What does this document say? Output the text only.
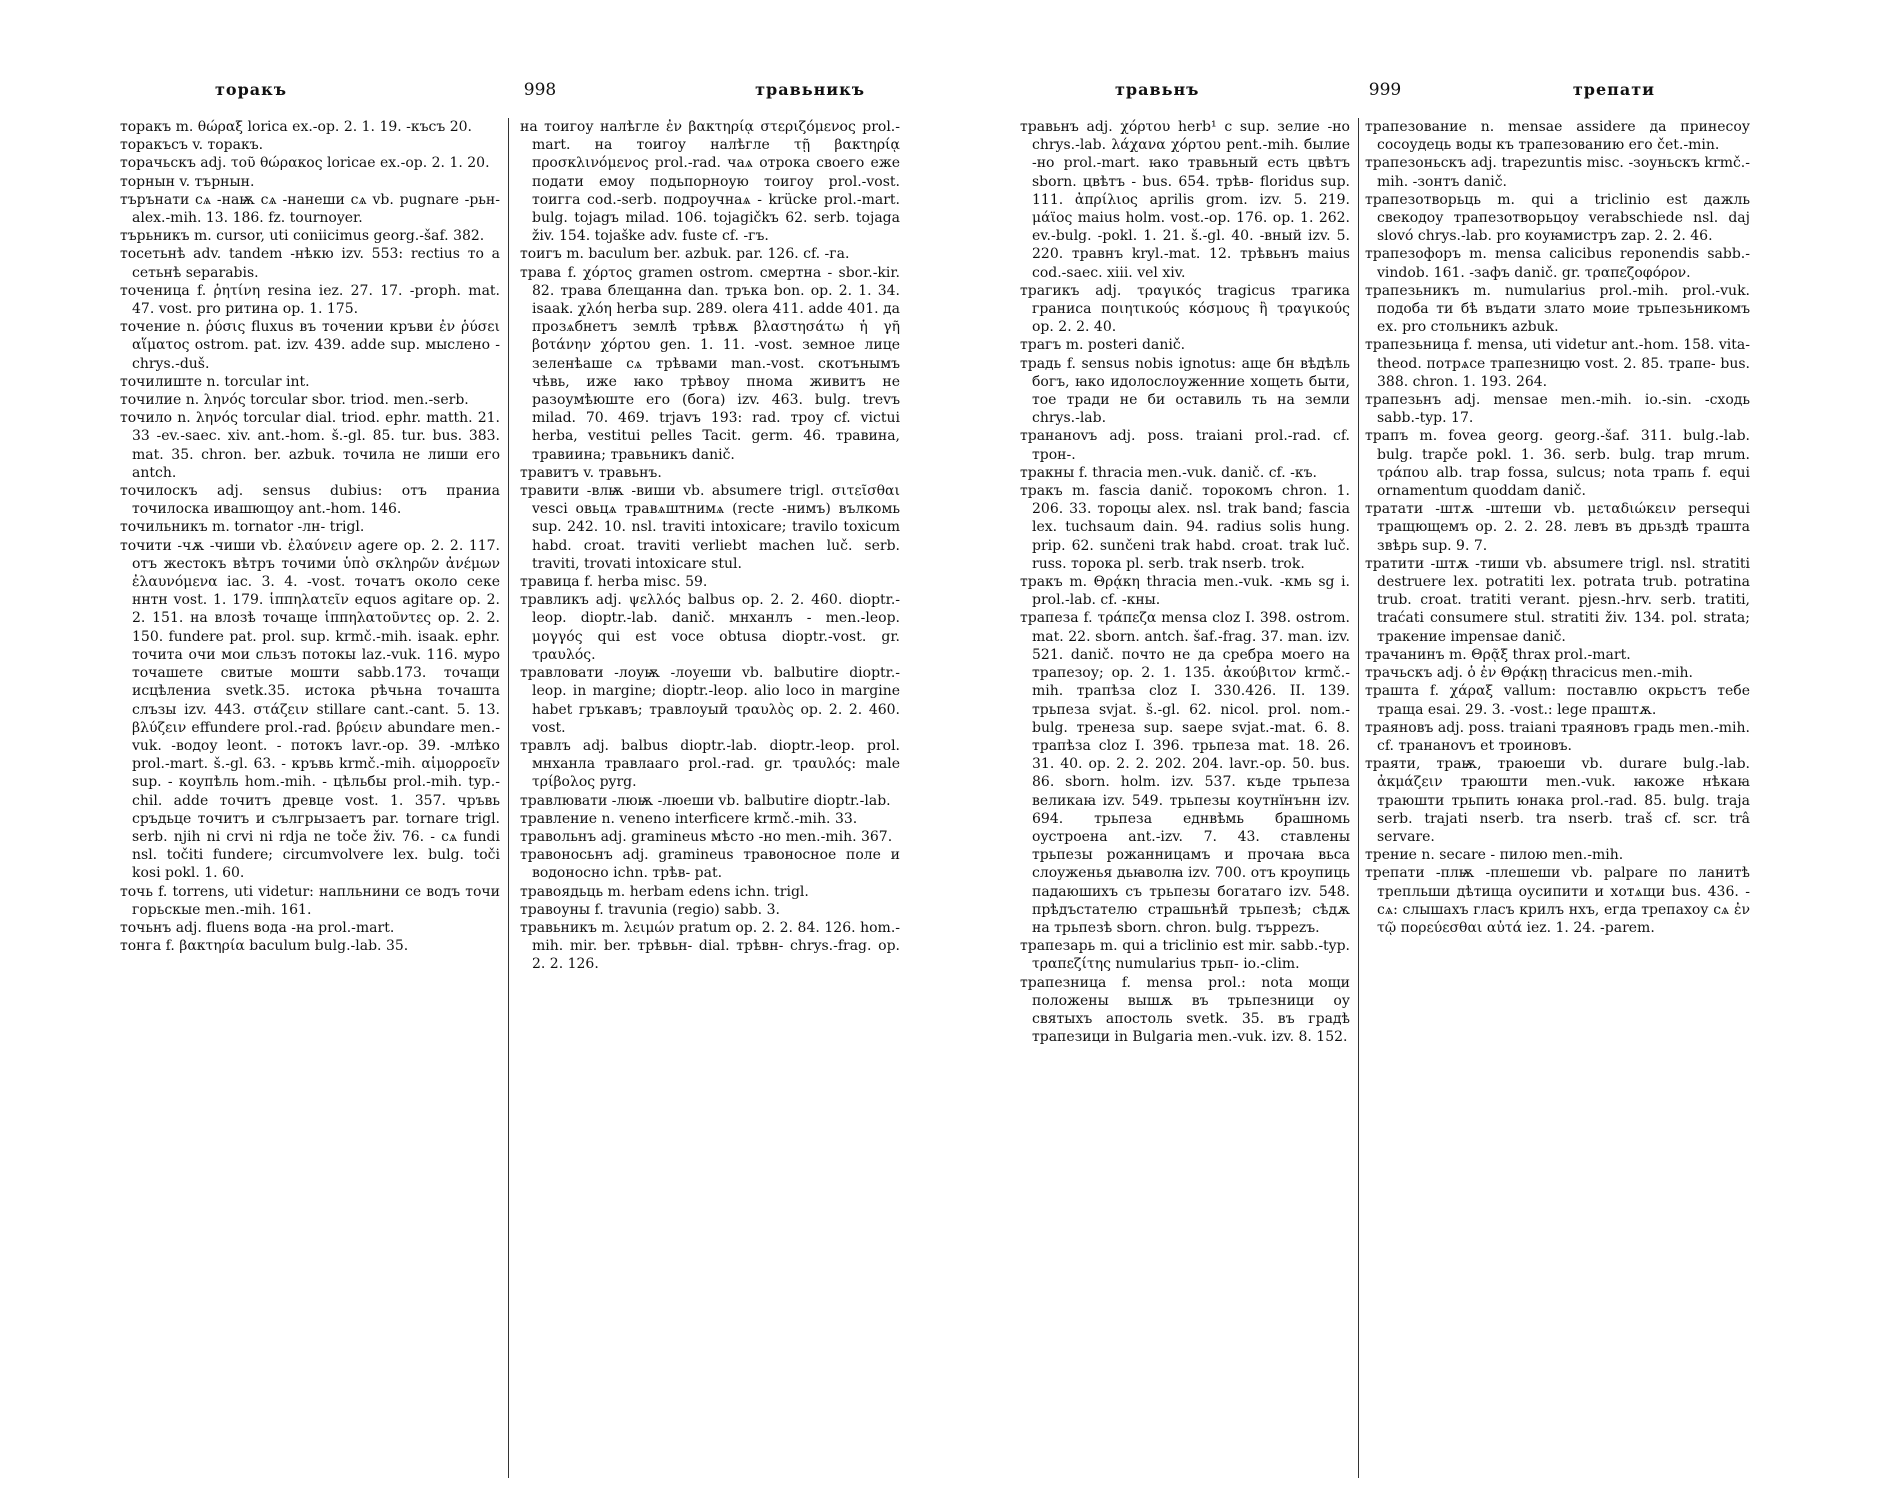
торакъ	998	травьникъ

торакъ m. θώραξ lorica ex.-op. 2. 1. 19. -късъ 20.

торакъсъ v. торакъ.

торачьскъ adj. τοῦ θώρακος loricae ex.-op. 2. 1. 20.

торнын v. търнын.

търънати сѧ -наѭ сѧ -нанеши сѧ vb. pugnare -рьн- alex.-mih. 13. 186. fz. tournoyer.

търьникъ m. cursor, uti coniicimus georg.-šaf. 382.

тосетьнѣ adv. tandem -нѣкю izv. 553: rectius то а сетьнѣ separabis.

точеница f. ῥητίνη resina iez. 27. 17. -proph. mat. 47. vost. pro ритина op. 1. 175.

точение n. ῥύσις fluxus въ точении кръви ἐν ῥύσει αἵματος ostrom. pat. izv. 439. adde sup. мыслено - chrys.-duš.

точилиште n. torcular int.

точилие n. ληνός torcular sbor. triod. men.-serb.

точило n. ληνός torcular dial. triod. ephr. matth. 21. 33 -ev.-saec. xiv. ant.-hom. š.-gl. 85. tur. bus. 383. mat. 35. chron. ber. azbuk. точила не лиши его antch.

точилоскъ adj. sensus dubius: отъ праниа точилоска ивашющоу ant.-hom. 146.

точильникъ m. tornator -лн- trigl.

точити -чѫ -чиши vb. ἐλαύνειν agere op. 2. 2. 117. отъ жестокъ вѣтръ точими ὑπὸ σκληρῶν ἀνέμων ἐλαυνόμενα iac. 3. 4. -vost. точатъ около секе ннтн vost. 1. 179. ἱππηλατεῖν equos agitare op. 2. 2. 151. на влозѣ точаще ἱππηλατοῦντες op. 2. 2. 150. fundere pat. prol. sup. krmč.-mih. isaak. ephr. точита очи мои сльзъ потокы laz.-vuk. 116. муро точашете свитые мошти sabb.173. точащи исцѣлениа svetk.35. истока рѣчьна точашта слъзы izv. 443. στάζειν stillare cant.-cant. 5. 13. βλύζειν effundere prol.-rad. βρύειν abundare men.-vuk. -водоу leont. - потокъ lavr.-op. 39. -млѣко prol.-mart. š.-gl. 63. - кръвь krmč.-mih. αἱμορροεῖν sup. - коупѣль hom.-mih. - цѣльбы prol.-mih. typ.-chil. adde точитъ древце vost. 1. 357. чръвь сръдьце точитъ и сългрызаетъ par. tornare trigl. serb. njih ni crvi ni rdja ne toče živ. 76. - сѧ fundi nsl. točiti fundere; circumvolvere lex. bulg. toči kosi pokl. 1. 60.

точь f. torrens, uti videtur: напльнини се водъ точи горьскые men.-mih. 161.

точьнъ adj. fluens вода -на prol.-mart.

тонга f. βακτηρία baculum bulg.-lab. 35.

на тоигоу налѣгле ἐν βακτηρίᾳ στεριζόμενος prol.-mart. на тоигоу налѣгле τῇ βακτηρίᾳ προσκλινόμενος prol.-rad. чаѧ отрока своего еже подати емоу подьпорноую тоигоу prol.-vost. тоигга cod.-serb. подроучнаѧ - krücke prol.-mart. bulg. tojagъ milad. 106. tojagičkъ 62. serb. tojaga živ. 154. tojaške adv. fuste cf. -гъ.

тоигъ m. baculum ber. azbuk. par. 126. cf. -га.

трава f. χόρτος gramen ostrom. смертна - sbor.-kir. 82. трава блещанна dan. тръка bon. op. 2. 1. 34. isaak. χλόη herba sup. 289. olera 411. adde 401. да прозѧбнетъ землѣ трѣвѫ βλαστησάτω ἡ γῆ βοτάνην χόρτου gen. 1. 11. -vost. земное лице зеленѣаше сѧ трѣвами man.-vost. скотънымъ чѣвь, иже ꙗко трѣвоу пнома живитъ не разоумѣюште его (бога) izv. 463. bulg. trevъ milad. 70. 469. trjavъ 193: rad. троу cf. victui herba, vestitui pelles Tacit. germ. 46. травина, травиина; травьникъ danič.

травитъ v. травьнъ.

травити -влѭ -виши vb. absumere trigl. σιτεῖσθαι vesci овьцѧ травѧштнимѧ (recte -нимъ) вълкомь sup. 242. 10. nsl. traviti intoxicare; travilo toxicum habd. croat. traviti verliebt machen luč. serb. traviti, trovati intoxicare stul.

травица f. herba misc. 59.

травликъ adj. ψελλός balbus op. 2. 2. 460. dioptr.-leop. dioptr.-lab. danič. мнханлъ - men.-leop. μογγός qui est voce obtusa dioptr.-vost. gr. τραυλός.

травловати -лоуѭ -лоуеши vb. balbutire dioptr.-leop. in margine; dioptr.-leop. alio loco in margine habet гръкавъ; травлоуый τραυλὸς op. 2. 2. 460. vost.

травлъ adj. balbus dioptr.-lab. dioptr.-leop. prol. мнханла травлааго prol.-rad. gr. τραυλός: male τρίβολος pyrg.

травлювати -люѭ -люеши vb. balbutire dioptr.-lab.

травление n. veneno interficere krmč.-mih. 33.

травольнъ adj. gramineus мѣсто -но men.-mih. 367.

травоносьнъ adj. gramineus травоносное поле и водоносно ichn. трѣв- pat.

травоядьць m. herbam edens ichn. trigl.

травоуны f. travunia (regio) sabb. 3.

травьникъ m. λειμών pratum op. 2. 2. 84. 126. hom.-mih. mir. ber. трѣвьн- dial. трѣвн- chrys.-frag. op. 2. 2. 126.

травьнъ	999	трепати

травьнъ adj. χόρτου herb¹ c sup. зелие -но chrys.-lab. λάχανα χόρτου pent.-mih. былие -но prol.-mart. ꙗко травьный есть цвѣтъ sborn. цвѣтъ - bus. 654. трѣв- floridus sup. 111. ἀπρίλιος aprilis grom. izv. 5. 219. μάϊος maius holm. vost.-op. 176. op. 1. 262. ev.-bulg. -pokl. 1. 21. š.-gl. 40. -вный izv. 5. 220. травнъ kryl.-mat. 12. трѣвьнъ maius cod.-saec. xiii. vel xiv.

трагикъ adj. τραγικός tragicus трагика граниса ποιητικούς κόσμους ἢ τραγικούς op. 2. 2. 40.

трагъ m. posteri danič.

традь f. sensus nobis ignotus: аще бн вѣдѣль богъ, ꙗко идолослоуженние хощеть быти, тое тради не би оставиль ть на земли chrys.-lab.

трананоvъ adj. poss. traiani prol.-rad. cf. трон-.

тракны f. thracia men.-vuk. danič. cf. -къ.

тракъ m. fascia danič. торокомъ chron. 1. 206. 33. тороцы alex. nsl. trak band; fascia lex. tuchsaum dain. 94. radius solis hung. prip. 62. sunčeni trak habd. croat. trak luč. russ. торока pl. serb. trak nserb. trok.

тракъ m. Θρᾴκη thracia men.-vuk. -кмь sg i. prol.-lab. cf. -кны.

трапеза f. τράπεζα mensa cloz I. 398. ostrom. mat. 22. sborn. antch. šaf.-frag. 37. man. izv. 521. danič. почто не да сребра моего на трапезоу; op. 2. 1. 135. ἀκούβιτον krmč.-mih. трапѣза cloz I. 330.426. II. 139. трьпеза svjat. š.-gl. 62. nicol. prol. nom.-bulg. тренеза sup. saepe svjat.-mat. 6. 8. трапѣза cloz I. 396. трьпеза mat. 18. 26. 31. 40. op. 2. 2. 202. 204. lavr.-op. 50. bus. 86. sborn. holm. izv. 537. къде трьпеза великаꙗ izv. 549. трьпезы коутнїнънн izv. 694. трьпеза еднвѣмь брашномь оустроена ant.-izv. 7. 43. ставлены трьпезы рожанницамъ и прочаꙗ вьса слоуженья дьꙗволꙗ izv. 700. отъ кроупиць падаюшихъ съ трьпезы богатаго izv. 548. прѣдъстателю страшьнѣй трьпезѣ; сѣдѫ на трьпезѣ sborn. chron. bulg. търpezъ.

трапезарь m. qui a triclinio est mir. sabb.-typ. τραπεζίτης numularius трьп- io.-clim.

трапезница f. mensa prol.: nota мощи положены вышѫ въ трьпезници оу святыхъ апостоль svetk. 35. въ градѣ трапезици in Bulgaria men.-vuk. izv. 8. 152.

трапезование n. mensae assidere да принесоу сосоудець воды къ трапезованию его čet.-min.

трапезоньскъ adj. trapezuntis misc. -зоуньскъ krmč.-mih. -зонтъ danič.

трапезотворьць m. qui a triclinio est дажль свекодоу трапезотворьцоу verabschiede nsl. daj slovó chrys.-lab. pro коуꙗмистръ zap. 2. 2. 46.

трапезофоръ m. mensa calicibus reponendis sabb.-vindob. 161. -зафъ danič. gr. τραπεζοφόρον.

трапезьникъ m. numularius prol.-mih. prol.-vuk. подоба ти бѣ въдати злато моие трьпезьникомъ ex. pro стольникъ azbuk.

трапезьница f. mensa, uti videtur ant.-hom. 158. vita-theod. потрѧсе трапезницю vost. 2. 85. трапе- bus. 388. chron. 1. 193. 264.

трапезьнъ adj. mensae men.-mih. io.-sin. -сходь sabb.-typ. 17.

трапъ m. fovea georg. georg.-šaf. 311. bulg.-lab. bulg. trapče pokl. 1. 36. serb. bulg. trap mrum. τράπου alb. trap fossa, sulcus; nota трапь f. equi ornamentum quoddam danič.

тратати -штѫ -штеши vb. μεταδιώκειν persequi тращющемъ op. 2. 2. 28. левъ въ дрьздѣ трашта звѣрь sup. 9. 7.

тратити -штѫ -тиши vb. absumere trigl. nsl. stratiti destruere lex. potratiti lex. potrata trub. potratina trub. croat. tratiti verant. pjesn.-hrv. serb. tratiti, traćati consumere stul. stratiti živ. 134. pol. strata; тракение impensae danič.

трачанинъ m. Θρᾷξ thrax prol.-mart.

трачьскъ adj. ὁ ἐν Θρᾴκῃ thracicus men.-mih.

трашта f. χάραξ vallum: поставлю окрьстъ тебе траща esai. 29. 3. -vost.: lege праштѫ.

траяновъ adj. poss. traiani траяновъ градь men.-mih. cf. трананоvъ et троиновъ.

траяти, траѭ, траюеши vb. durare bulg.-lab. ἀκμάζειν траюшти men.-vuk. ꙗкоже нѣкаꙗ траюшти трьпить юнака prol.-rad. 85. bulg. traja serb. trajati nserb. tra nserb. traš cf. scr. trâ servare.

трение n. secare - пилою men.-mih.

трепати -плѭ -плешеши vb. palpare по ланитѣ трепльши дѣтища оусипити и хотѧщи bus. 436. - сѧ: слышахъ гласъ крилъ нхъ, егда трепахоу сѧ ἐν τῷ πορεύεσθαι αὐτά iez. 1. 24. -parem.
